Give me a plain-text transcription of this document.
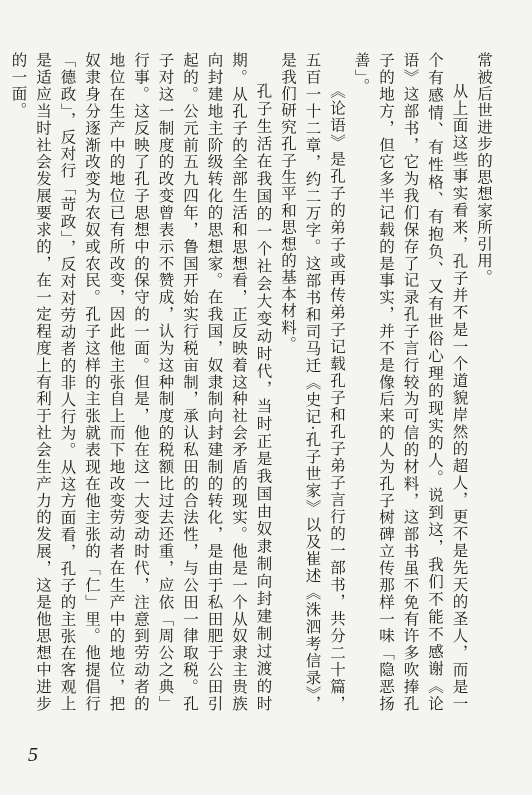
常被后世进步的思想家所引用。

从上面这些事实看来，孔子并不是一个道貌岸然的超人，更不是先天的圣人，而是一个有感情、有性格、有抱负、又有世俗心理的现实的人。说到这，我们不能不感谢《论语》这部书，它为我们保存了记录孔子言行较为可信的材料，这部书虽不免有许多吹捧孔子的地方，但它多半记载的是事实，并不是像后来的人为孔子树碑立传那样一味「隐恶扬善」。

《论语》是孔子的弟子或再传弟子记载孔子和孔子弟子言行的一部书，共分二十篇，五百一十二章，约二万字。这部书和司马迁《史记·孔子世家》以及崔述《洙泗考信录》，是我们研究孔子生平和思想的基本材料。

孔子生活在我国的一个社会大变动时代，当时正是我国由奴隶制向封建制过渡的时期。从孔子的全部生活和思想看，正反映着这种社会矛盾的现实。他是一个从奴隶主贵族向封建地主阶级转化的思想家。在我国，奴隶制向封建制的转化，是由于私田肥于公田引起的。公元前五九四年，鲁国开始实行税亩制，承认私田的合法性，与公田一律取税。孔子对这一制度的改变曾表示不赞成，认为这种制度的税额比过去还重，应依「周公之典」行事。这反映了孔子思想中的保守的一面。但是，他在这一大变动时代，注意到劳动者的地位在生产中的地位已有所改变，因此他主张自上而下地改变劳动者在生产中的地位，把奴隶身分逐渐改变为农奴或农民。孔子这样的主张就表现在他主张的「仁」里。他提倡行「德政」，反对行「苛政」，反对对劳动者的非人行为。从这方面看，孔子的主张在客观上是适应当时社会发展要求的，在一定程度上有利于社会生产力的发展，这是他思想中进步的一面。

5
